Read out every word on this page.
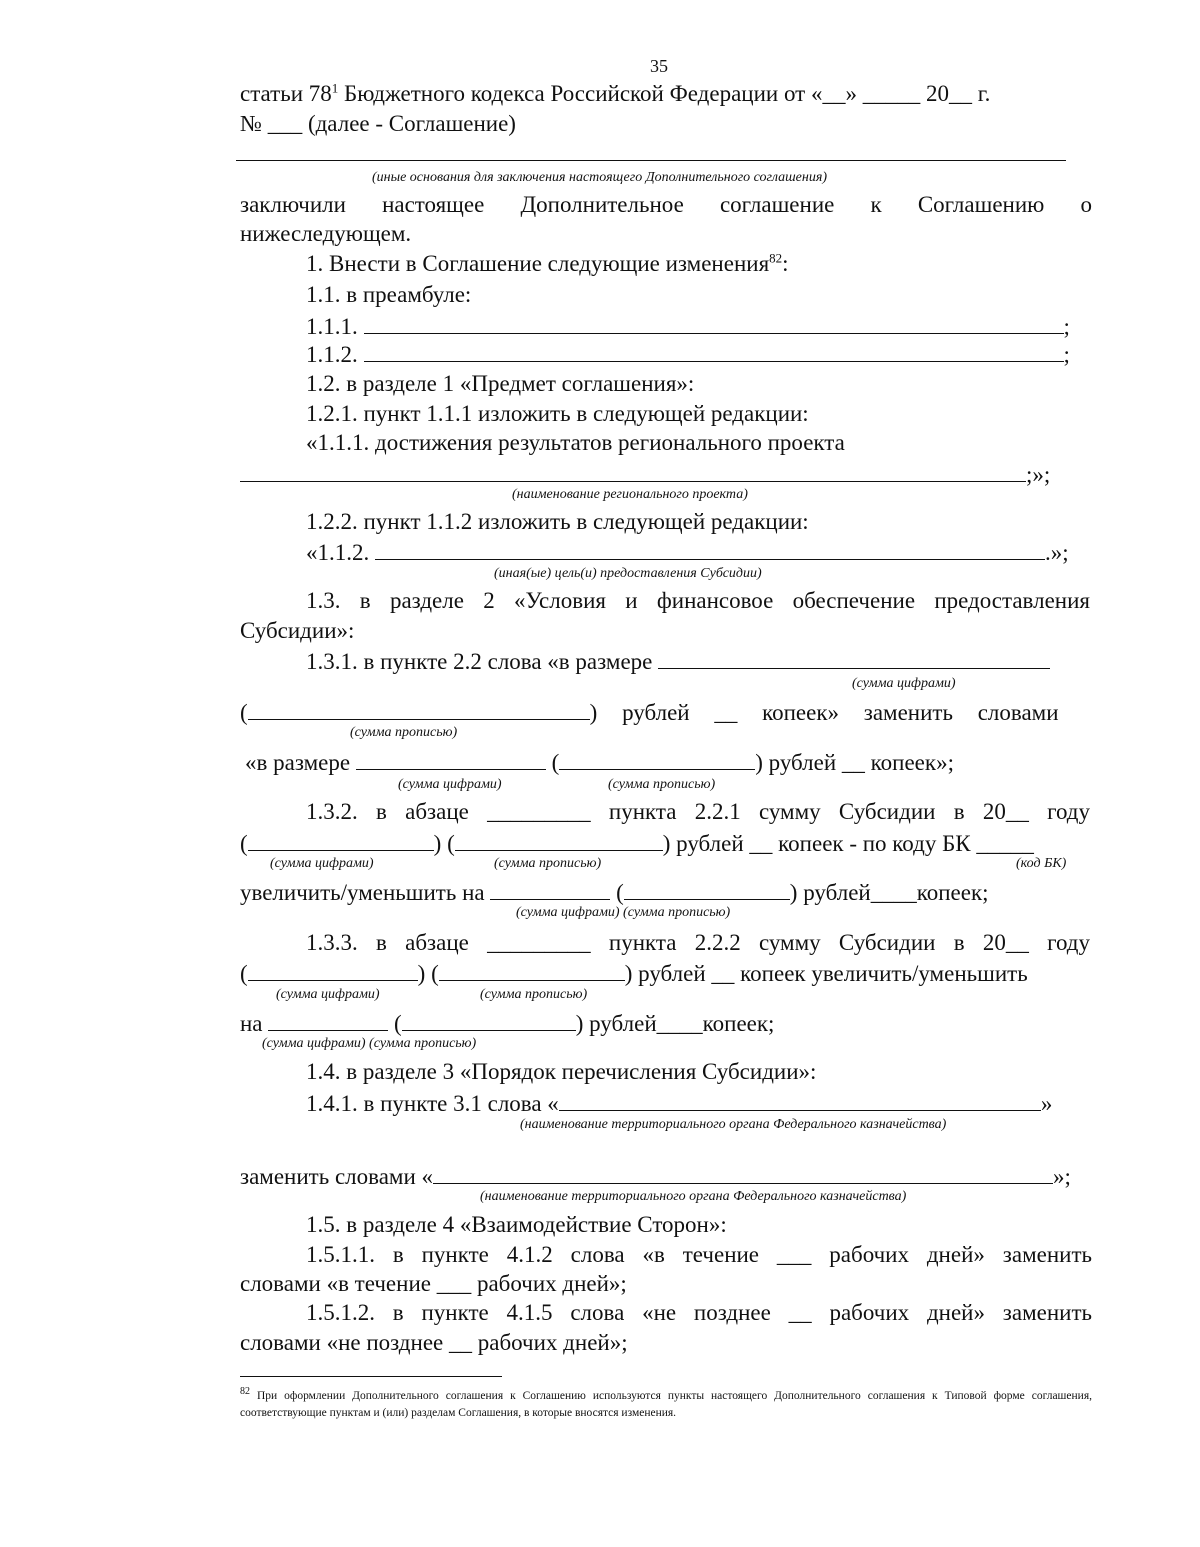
35
статьи $78^1$ Бюджетного кодекса Российской Федерации от «__» _____ 20__ г.
№ ___ (далее - Соглашение)
(иные основания для заключения настоящего Дополнительного соглашения)
заключили настоящее Дополнительное соглашение к Соглашению о
нижеследующем.
1. Внести в Соглашение следующие изменения$^{82}$:
1.1. в преамбуле:
1.1.1.	;
1.1.2.	;
1.2. в разделе 1 «Предмет соглашения»:
1.2.1. пункт 1.1.1 изложить в следующей редакции:
«1.1.1. достижения результатов регионального проекта
;»;
(наименование регионального проекта)
1.2.2. пункт 1.1.2 изложить в следующей редакции:
«1.1.2.	.»;
(иная(ые) цель(и) предоставления Субсидии)
1.3. в разделе 2 «Условия и финансовое обеспечение предоставления
Субсидии»:
1.3.1. в пункте 2.2 слова «в размере
(сумма цифрами)
(	) рублей __ копеек» заменить словами
(сумма прописью)
«в размере	(	) рублей __ копеек»;
(сумма цифрами)	(сумма прописью)
1.3.2. в абзаце _________ пункта 2.2.1 сумму Субсидии в 20__ году
(	) (	) рублей __ копеек - по коду БК _____
(сумма цифрами)	(сумма прописью)	(код БК)
увеличить/уменьшить на	(	) рублей____копеек;
(сумма цифрами) (сумма прописью)
1.3.3. в абзаце _________ пункта 2.2.2 сумму Субсидии в 20__ году
(	) (	) рублей __ копеек увеличить/уменьшить
(сумма цифрами)	(сумма прописью)
на	(	) рублей____копеек;
(сумма цифрами) (сумма прописью)
1.4. в разделе 3 «Порядок перечисления Субсидии»:
1.4.1. в пункте 3.1 слова «	»
(наименование территориального органа Федерального казначейства)
заменить словами «	»;
(наименование территориального органа Федерального казначейства)
1.5. в разделе 4 «Взаимодействие Сторон»:
1.5.1.1. в пункте 4.1.2 слова «в течение ___ рабочих дней» заменить
словами «в течение ___ рабочих дней»;
1.5.1.2. в пункте 4.1.5 слова «не позднее __ рабочих дней» заменить
словами «не позднее __ рабочих дней»;
$^{82}$ При оформлении Дополнительного соглашения к Соглашению используются пункты настоящего Дополнительного соглашения к Типовой форме соглашения, соответствующие пунктам и (или) разделам Соглашения, в которые вносятся изменения.
